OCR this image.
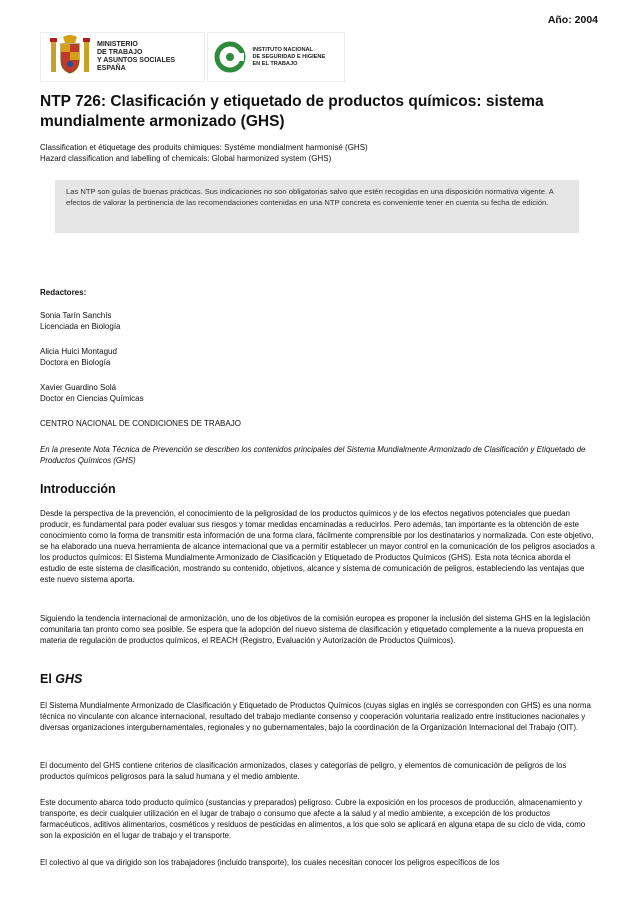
Año: 2004
MINISTERIO
DE TRABAJO
Y ASUNTOS SOCIALES
ESPAÑA
INSTITUTO NACIONAL
DE SEGURIDAD E HIGIENE
EN EL TRABAJO
NTP 726: Clasificación y etiquetado de productos químicos: sistema mundialmente armonizado (GHS)
Classification et étiquetage des produits chimiques: Systéme mondialment harmonisé (GHS)
Hazard classification and labelling of chemicals: Global harmonized system (GHS)
Las NTP son guías de buenas prácticas. Sus indicaciones no son obligatorias salvo que estén recogidas en una disposición normativa vigente. A efectos de valorar la pertinencia de las recomendaciones contenidas en una NTP concreta es conveniente tener en cuenta su fecha de edición.
Redactores:
Sonia Tarín Sanchís
Licenciada en Biología
Alicia Huici Montagud
Doctora en Biología
Xavier Guardino Solá
Doctor en Ciencias Químicas
CENTRO NACIONAL DE CONDICIONES DE TRABAJO
En la presente Nota Técnica de Prevención se describen los contenidos principales del Sistema Mundialmente Armonizado de Clasificación y Etiquetado de Productos Químicos (GHS)
Introducción
Desde la perspectiva de la prevención, el conocimiento de la peligrosidad de los productos químicos y de los efectos negativos potenciales que puedan producir, es fundamental para poder evaluar sus riesgos y tomar medidas encaminadas a reducirlos. Pero además, tan importante es la obtención de este conocimiento como la forma de transmitir esta información de una forma clara, fácilmente comprensible por los destinatarios y normalizada. Con este objetivo, se ha elaborado una nueva herramienta de alcance internacional que va a permitir establecer un mayor control en la comunicación de los peligros asociados a los productos químicos: El Sistema Mundialmente Armonizado de Clasificación y Etiquetado de Productos Químicos (GHS). Esta nota técnica aborda el estudio de este sistema de clasificación, mostrando su contenido, objetivos, alcance y sistema de comunicación de peligros, estableciendo las ventajas que este nuevo sistema aporta.
Siguiendo la tendencia internacional de armonización, uno de los objetivos de la comisión europea es proponer la inclusión del sistema GHS en la legislación comunitaria tan pronto como sea posible. Se espera que la adopción del nuevo sistema de clasificación y etiquetado complemente a la nueva propuesta en materia de regulación de productos químicos, el REACH (Registro, Evaluación y Autorización de Productos Químicos).
El GHS
El Sistema Mundialmente Armonizado de Clasificación y Etiquetado de Productos Químicos (cuyas siglas en inglés se corresponden con GHS) es una norma técnica no vinculante con alcance internacional, resultado del trabajo mediante consenso y cooperación voluntaria realizado entre instituciones nacionales y diversas organizaciones intergubernamentales, regionales y no gubernamentales, bajo la coordinación de la Organización Internacional del Trabajo (OIT).
El documento del GHS contiene criterios de clasificación armonizados, clases y categorías de peligro, y elementos de comunicación de peligros de los productos químicos peligrosos para la salud humana y el medio ambiente.
Este documento abarca todo producto químico (sustancias y preparados) peligroso. Cubre la exposición en los procesos de producción, almacenamiento y transporte, es decir cualquier utilización en el lugar de trabajo o consumo que afecte a la salud y al medio ambiente, a excepción de los productos farmacéuticos, aditivos alimentarios, cosméticos y residuos de pesticidas en alimentos, a los que solo se aplicará en alguna etapa de su ciclo de vida, como son la exposición en el lugar de trabajo y el transporte.
El colectivo al que va dirigido son los trabajadores (incluido transporte), los cuales necesitan conocer los peligros específicos de los
